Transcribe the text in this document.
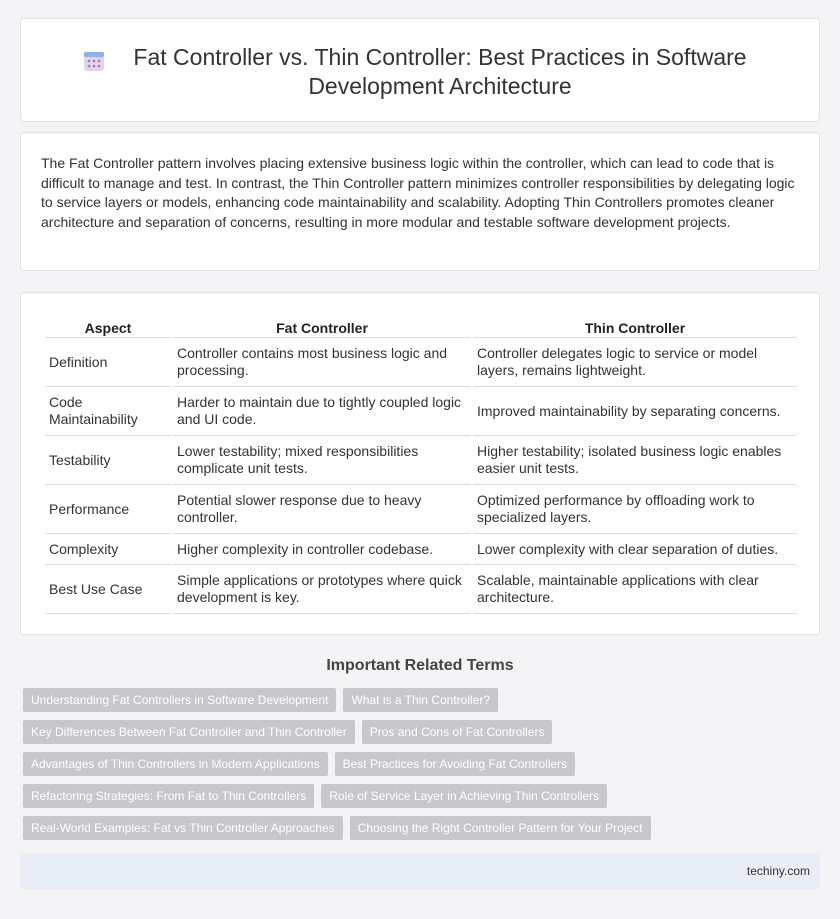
Fat Controller vs. Thin Controller: Best Practices in Software Development Architecture

The Fat Controller pattern involves placing extensive business logic within the controller, which can lead to code that is difficult to manage and test. In contrast, the Thin Controller pattern minimizes controller responsibilities by delegating logic to service layers or models, enhancing code maintainability and scalability. Adopting Thin Controllers promotes cleaner architecture and separation of concerns, resulting in more modular and testable software development projects.

Aspect	Fat Controller	Thin Controller
Definition	Controller contains most business logic and processing.	Controller delegates logic to service or model layers, remains lightweight.
Code Maintainability	Harder to maintain due to tightly coupled logic and UI code.	Improved maintainability by separating concerns.
Testability	Lower testability; mixed responsibilities complicate unit tests.	Higher testability; isolated business logic enables easier unit tests.
Performance	Potential slower response due to heavy controller.	Optimized performance by offloading work to specialized layers.
Complexity	Higher complexity in controller codebase.	Lower complexity with clear separation of duties.
Best Use Case	Simple applications or prototypes where quick development is key.	Scalable, maintainable applications with clear architecture.
Important Related Terms
Understanding Fat Controllers in Software Development	What is a Thin Controller?
Key Differences Between Fat Controller and Thin Controller	Pros and Cons of Fat Controllers
Advantages of Thin Controllers in Modern Applications	Best Practices for Avoiding Fat Controllers
Refactoring Strategies: From Fat to Thin Controllers	Role of Service Layer in Achieving Thin Controllers
Real-World Examples: Fat vs Thin Controller Approaches	Choosing the Right Controller Pattern for Your Project
techiny.com
